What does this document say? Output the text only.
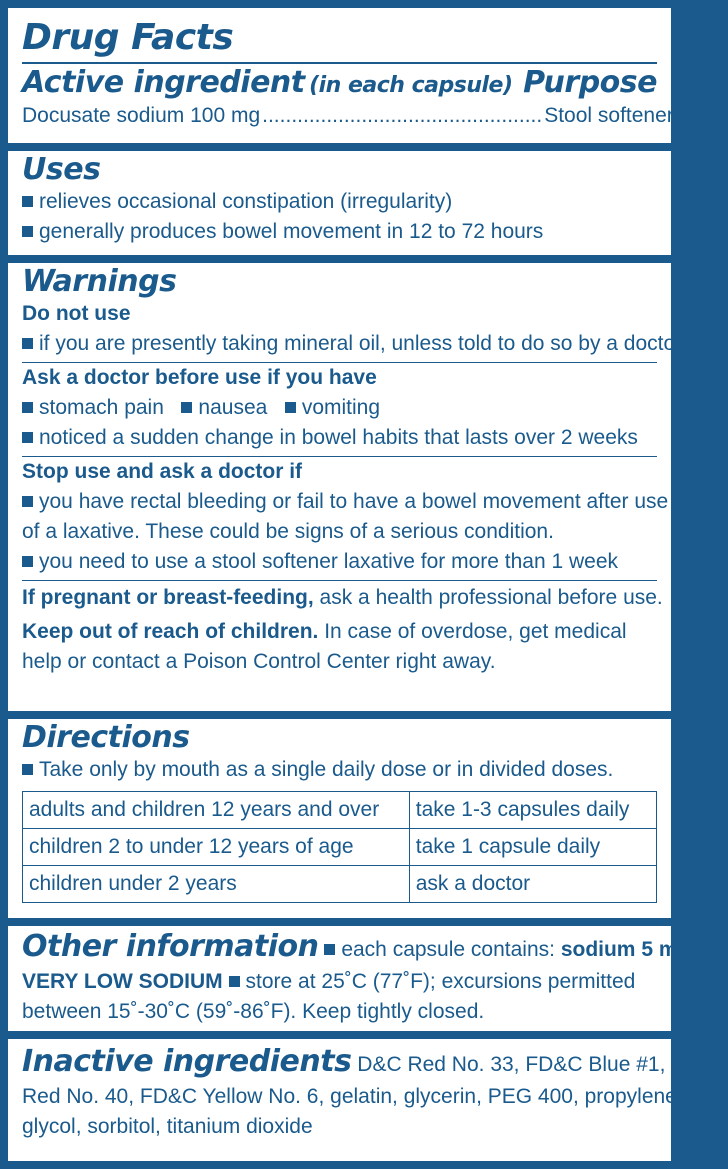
Drug Facts
Active ingredient (in each capsule) Purpose
Docusate sodium 100 mg ................................................ Stool softener
Uses
relieves occasional constipation (irregularity)
generally produces bowel movement in 12 to 72 hours
Warnings
Do not use
if you are presently taking mineral oil, unless told to do so by a doctor
Ask a doctor before use if you have
stomach pain nausea vomiting
noticed a sudden change in bowel habits that lasts over 2 weeks
Stop use and ask a doctor if
you have rectal bleeding or fail to have a bowel movement after use
of a laxative. These could be signs of a serious condition.
you need to use a stool softener laxative for more than 1 week
If pregnant or breast-feeding, ask a health professional before use.
Keep out of reach of children. In case of overdose, get medical
help or contact a Poison Control Center right away.
Directions
Take only by mouth as a single daily dose or in divided doses.
adults and children 12 years and over	take 1-3 capsules daily
children 2 to under 12 years of age	take 1 capsule daily
children under 2 years	ask a doctor
Other information each capsule contains: sodium 5 mg
VERY LOW SODIUM store at 25˚C (77˚F); excursions permitted
between 15˚-30˚C (59˚-86˚F). Keep tightly closed.
Inactive ingredients D&C Red No. 33, FD&C Blue #1, FD&C
Red No. 40, FD&C Yellow No. 6, gelatin, glycerin, PEG 400, propylene
glycol, sorbitol, titanium dioxide
